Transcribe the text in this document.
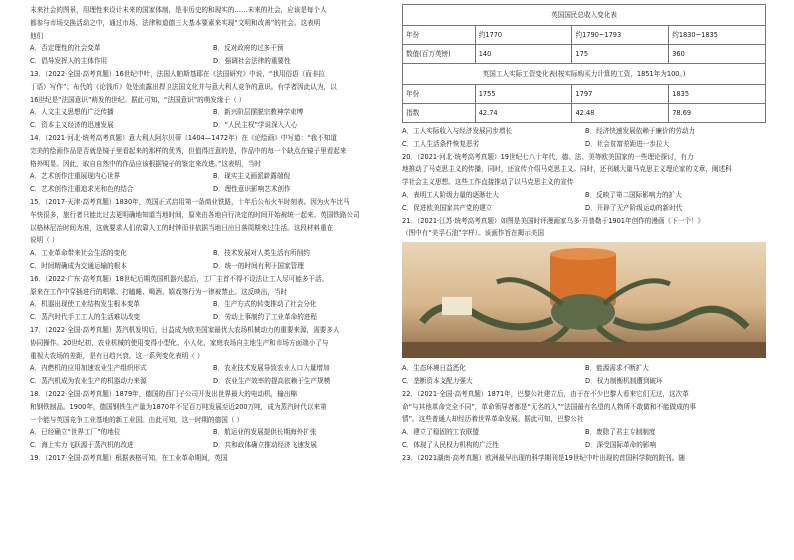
未来社会的图景，用理性来设计未来的国家体制，是非历史的和现实的……未来的社会，应该是每个人

都参与市场交换活动之中，通过市场、法律和道德三大基本要素来实现“文明和改善”的社会。这表明

他们

A．否定理性的社会变革	B．反对政府的过多干预
C．倡导发挥人的主体作用	D．强调社会法律的重要性

13．（2022·全国·高考真题）16世纪中叶，法国人帕斯基耶在《法国研究》中说，“我用俗语（而非拉

丁语）写作”；布代的《论钱币》处处流露出捍卫法国文化并与意大利人竞争的意识。有学者因此认为，以

16世纪是“法国意识”萌发的世纪。据此可知，“法国意识”的萌发缘于（ ）

A．人文主义思想的广泛传播	B．新兴阶层摆脱宗教神学束缚
C．资本主义经济的迅速发展	D．“人民主权”学说深入人心

14．（2021·河北·统考高考真题）意大利人阿尔贝蒂（1404—1472年）在《论绘画》中写道：“我不知道

完美的绘画作品是否就是镜子里看起来的那样的优秀，但值得注意的是，作品中的每一个缺点在镜子里看起来

格外明显。因此，取自自然中的作品应该根据镜子的鉴定来改进。”这表明，当时

A．艺术创作注重展现内心世界	B．现实主义画派崭露端倪
C．艺术创作注重追求光和色的结合	D．理性意识影响艺术创作

15．（2017·天津·高考真题）1830年，英国正式启用第一条商业铁路，十年后公布火车时刻表。因为火车比马

车快很多，旅行者只能比过去更明确地知道当地时间，原来由各地自行决定的时间开始被统一起来。英国铁路公司

以格林尼治时间为准，这就要求人们依靠人工的时钟而非依据当地日出日落周期来过生活。这段材料重在

说明（ ）

A．工业革命带来社会生活的变化	B．技术发展对人类生活有所削约
C．时间精确成为交通运输的根本	D．统一的时间有利于国家管理

16．（2022·广东·高考真题）18世纪后期英国机器兴起后，工厂主首不得不设法让工人尽可能多干活。

原来在工作中穿插进行的唱歌、打瞌睡、喝酒、嬉戏等行为一律被禁止。这反映出，当时

A．机器出现使工业结构发生根本变革	B．生产方式的转变推动了社会分化
C．蒸汽时代手工工人的生活难以改变	D．劳动上事制约了工业革命的进程

17．（2022·全国·高考真题）蒸汽机发明后，日益成为欧美国家最优大农场机械动力的重要来源，需要多人

协同操作。20世纪初，农业机械的使用变得小型化、小人化，家庭农场自主地生产和市场方面端小了与

重视大农场的差距，是有日趋兴衰。这一系列变化表明（ ）

A．内燃机的应用加速农业生产组织形式	B．农业技术发展导致农业人口大量增加
C．蒸汽机成为农业生产的机器动力来源	D．农业生产效率的提高依赖于生产规模

18．（2022·全国·高考真题）1879年，德国的西门子公司开发出世界最大的电动机，输出棉

和钢铁制品。1900年，德国钢铁生产量为1870年不足百万吨发展至近200万吨，成为蒸汽时代以来第

一个能与英国竞争工业基地的新工业国。由此可知，这一时期的德国（ ）

A．已经确立“世界工厂”的地位	B．航运业的发展提供长期海外扩张
C．海上实力飞跃源于蒸汽机的改进	D．共和政体确立推动经济飞速发展

19．（2017·全国·高考真题）根据表格可知，在工业革命期间，英国

英国国民总收入变化表			
年份	约1770	约1790~1793	约1830~1835
数值(百万英镑)	140	175	360
英国工人实际工资变化表(按实际购买力计算的工资，1851年为100。)			
年份	1755	1797	1835
指数	42.74	42.48	78.69
A．工人实际收入与经济发展同步增长	B．经济快速发展依赖于廉价的劳动力
C．工人生活条件恢复恶劣	D．社会贫富差距进一步拉大

20．（2021·河北·统考高考真题）19世纪七八十年代，德、法、美等欧美国家的一些理论探讨，有力

地推动了马克思主义的传播，同时，还宣传介绍马克思主义。同时，还刊载大量马克思主义理论家的文章，阐述科

学社会主义思想。这些工作直接推动了以马克思主义的宣传

A．表明工人阶级力量的逐渐壮大	B．反映了第二国际影响力的扩大
C．促进欧美国家共产党的建立	D．开辟了无产阶级运动的新时代

21．（2021·江苏·统考高考真题）如图是美国时评漫画家乌多·开普勒于1901年创作的漫画《下一个！》

（图中有“美孚石油”字样）。该画作旨在揭示美国

A．生态环境日益恶化	B．能源需求不断扩大
C．垄断资本支配力强大	D．权力制衡机制遭到破坏

22．（2021·全国·高考真题）1871年，巴黎公社建立后，由于在不少巴黎人看来它们无过，这次革

命“与其他革命完全不同”，革命领导者都是“无名的人”“法国最有名望的人物所不敢做和不能做成的事

情”。这些普通人却经历着世界革命发展。据此可知，巴黎公社

A．建立了稳固的工农联盟	B．废除了君主专制制度
C．体现了人民权力机构的广泛性	D．深受国际革命的影响

23．（2021湖南·高考真题）欧洲最早出现的科学期刊是19世纪中叶出现的首国科学院的院刊。随
